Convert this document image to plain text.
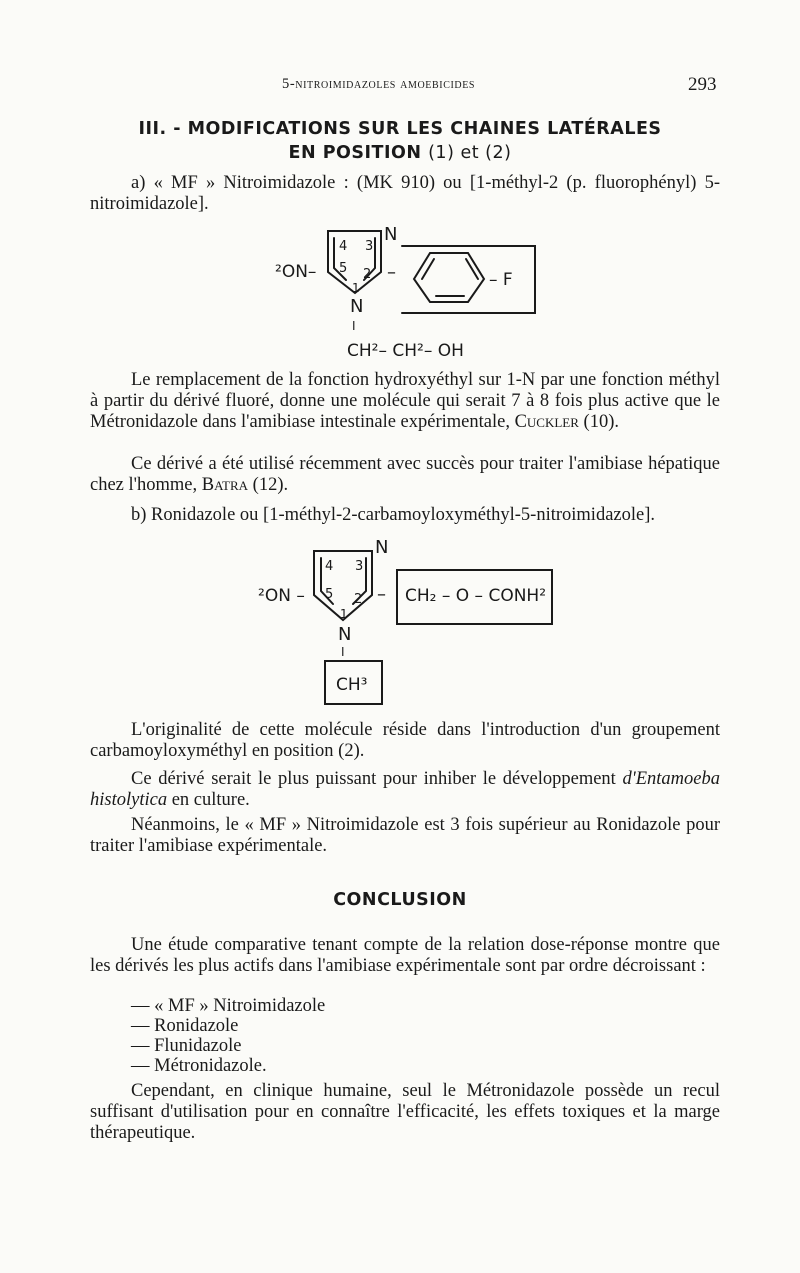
5-nitroimidazoles amoebicides	293
III. - MODIFICATIONS SUR LES CHAINES LATÉRALES
EN POSITION (1) et (2)

a) « MF » Nitroimidazole : (MK 910) ou [1-méthyl-2 (p. fluorophényl) 5-nitroimidazole].

²ON–
N
4 3
5 2
1
N
–	– F
I
CH²– CH²– OH

Le remplacement de la fonction hydroxyéthyl sur 1-N par une fonction méthyl à partir du dérivé fluoré, donne une molécule qui serait 7 à 8 fois plus active que le Métronidazole dans l'amibiase intestinale expérimentale, Cuckler (10).

Ce dérivé a été utilisé récemment avec succès pour traiter l'amibiase hépatique chez l'homme, Batra (12).

b) Ronidazole ou [1-méthyl-2-carbamoyloxyméthyl-5-nitroimidazole].

²ON –
N
4 3
5 2
1
N
– CH₂ – O – CONH²
I
CH³

L'originalité de cette molécule réside dans l'introduction d'un groupement carbamoyloxyméthyl en position (2).

Ce dérivé serait le plus puissant pour inhiber le développement d'Entamoeba histolytica en culture.

Néanmoins, le « MF » Nitroimidazole est 3 fois supérieur au Ronidazole pour traiter l'amibiase expérimentale.

CONCLUSION

Une étude comparative tenant compte de la relation dose-réponse montre que les dérivés les plus actifs dans l'amibiase expérimentale sont par ordre décroissant :

— « MF » Nitroimidazole
— Ronidazole
— Flunidazole
— Métronidazole.

Cependant, en clinique humaine, seul le Métronidazole possède un recul suffisant d'utilisation pour en connaître l'efficacité, les effets toxiques et la marge thérapeutique.
